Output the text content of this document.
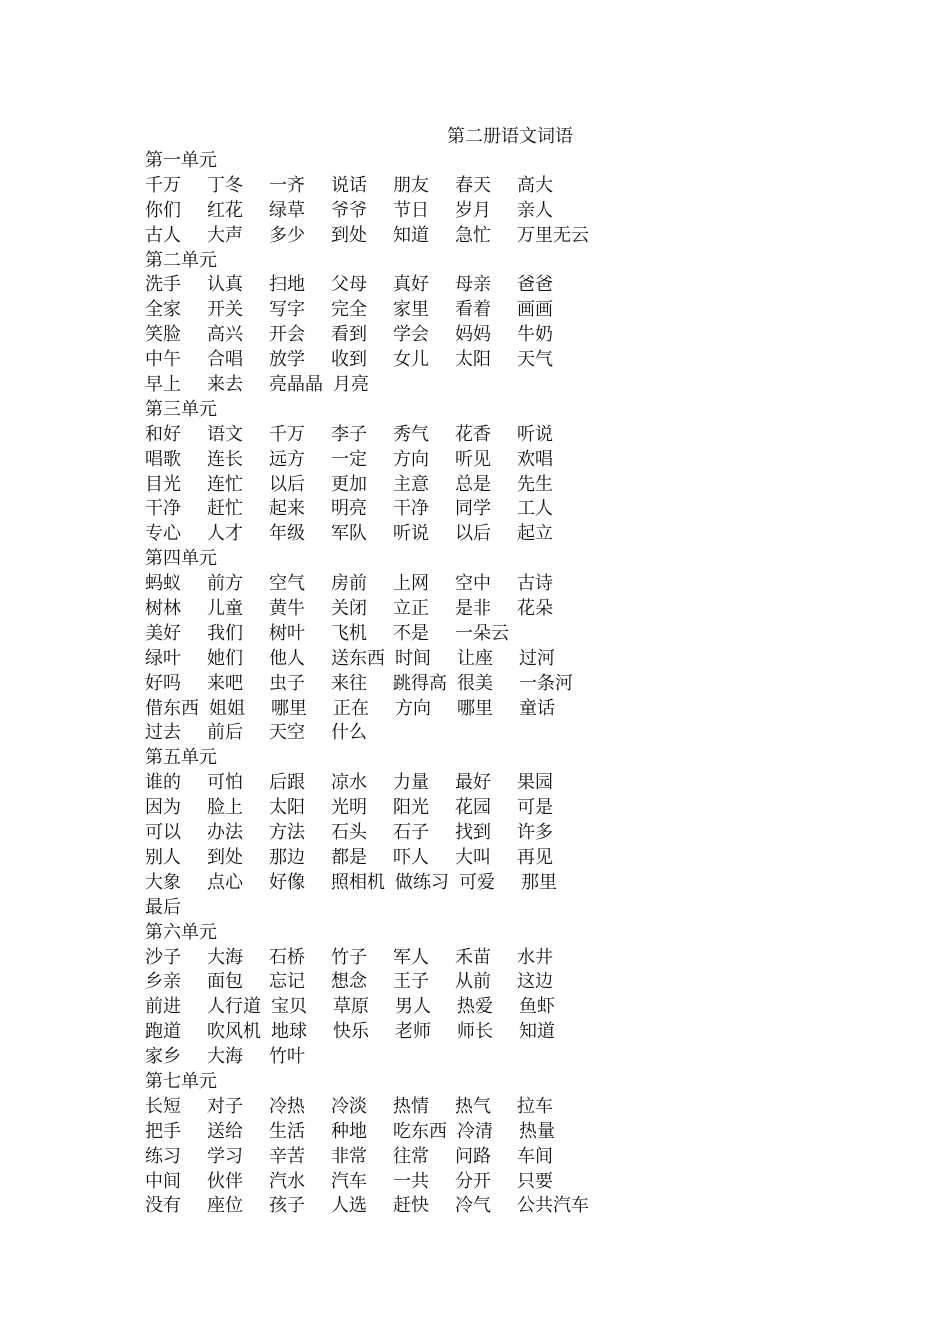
第二册语文词语
第一单元
千万 丁冬 一齐 说话 朋友 春天 高大
你们 红花 绿草 爷爷 节日 岁月 亲人
古人 大声 多少 到处 知道 急忙 万里无云
第二单元
洗手 认真 扫地 父母 真好 母亲 爸爸
全家 开关 写字 完全 家里 看着 画画
笑脸 高兴 开会 看到 学会 妈妈 牛奶
中午 合唱 放学 收到 女儿 太阳 天气
早上 来去 亮晶晶 月亮
第三单元
和好 语文 千万 李子 秀气 花香 听说
唱歌 连长 远方 一定 方向 听见 欢唱
目光 连忙 以后 更加 主意 总是 先生
干净 赶忙 起来 明亮 干净 同学 工人
专心 人才 年级 军队 听说 以后 起立
第四单元
蚂蚁 前方 空气 房前 上网 空中 古诗
树林 儿童 黄牛 关闭 立正 是非 花朵
美好 我们 树叶 飞机 不是 一朵云
绿叶 她们 他人 送东西 时间 让座 过河
好吗 来吧 虫子 来往 跳得高 很美 一条河
借东西 姐姐 哪里 正在 方向 哪里 童话
过去 前后 天空 什么
第五单元
谁的 可怕 后跟 凉水 力量 最好 果园
因为 脸上 太阳 光明 阳光 花园 可是
可以 办法 方法 石头 石子 找到 许多
别人 到处 那边 都是 吓人 大叫 再见
大象 点心 好像 照相机 做练习 可爱 那里
最后
第六单元
沙子 大海 石桥 竹子 军人 禾苗 水井
乡亲 面包 忘记 想念 王子 从前 这边
前进 人行道 宝贝 草原 男人 热爱 鱼虾
跑道 吹风机 地球 快乐 老师 师长 知道
家乡 大海 竹叶
第七单元
长短 对子 冷热 冷淡 热情 热气 拉车
把手 送给 生活 种地 吃东西 冷清 热量
练习 学习 辛苦 非常 往常 问路 车间
中间 伙伴 汽水 汽车 一共 分开 只要
没有 座位 孩子 人选 赶快 冷气 公共汽车
